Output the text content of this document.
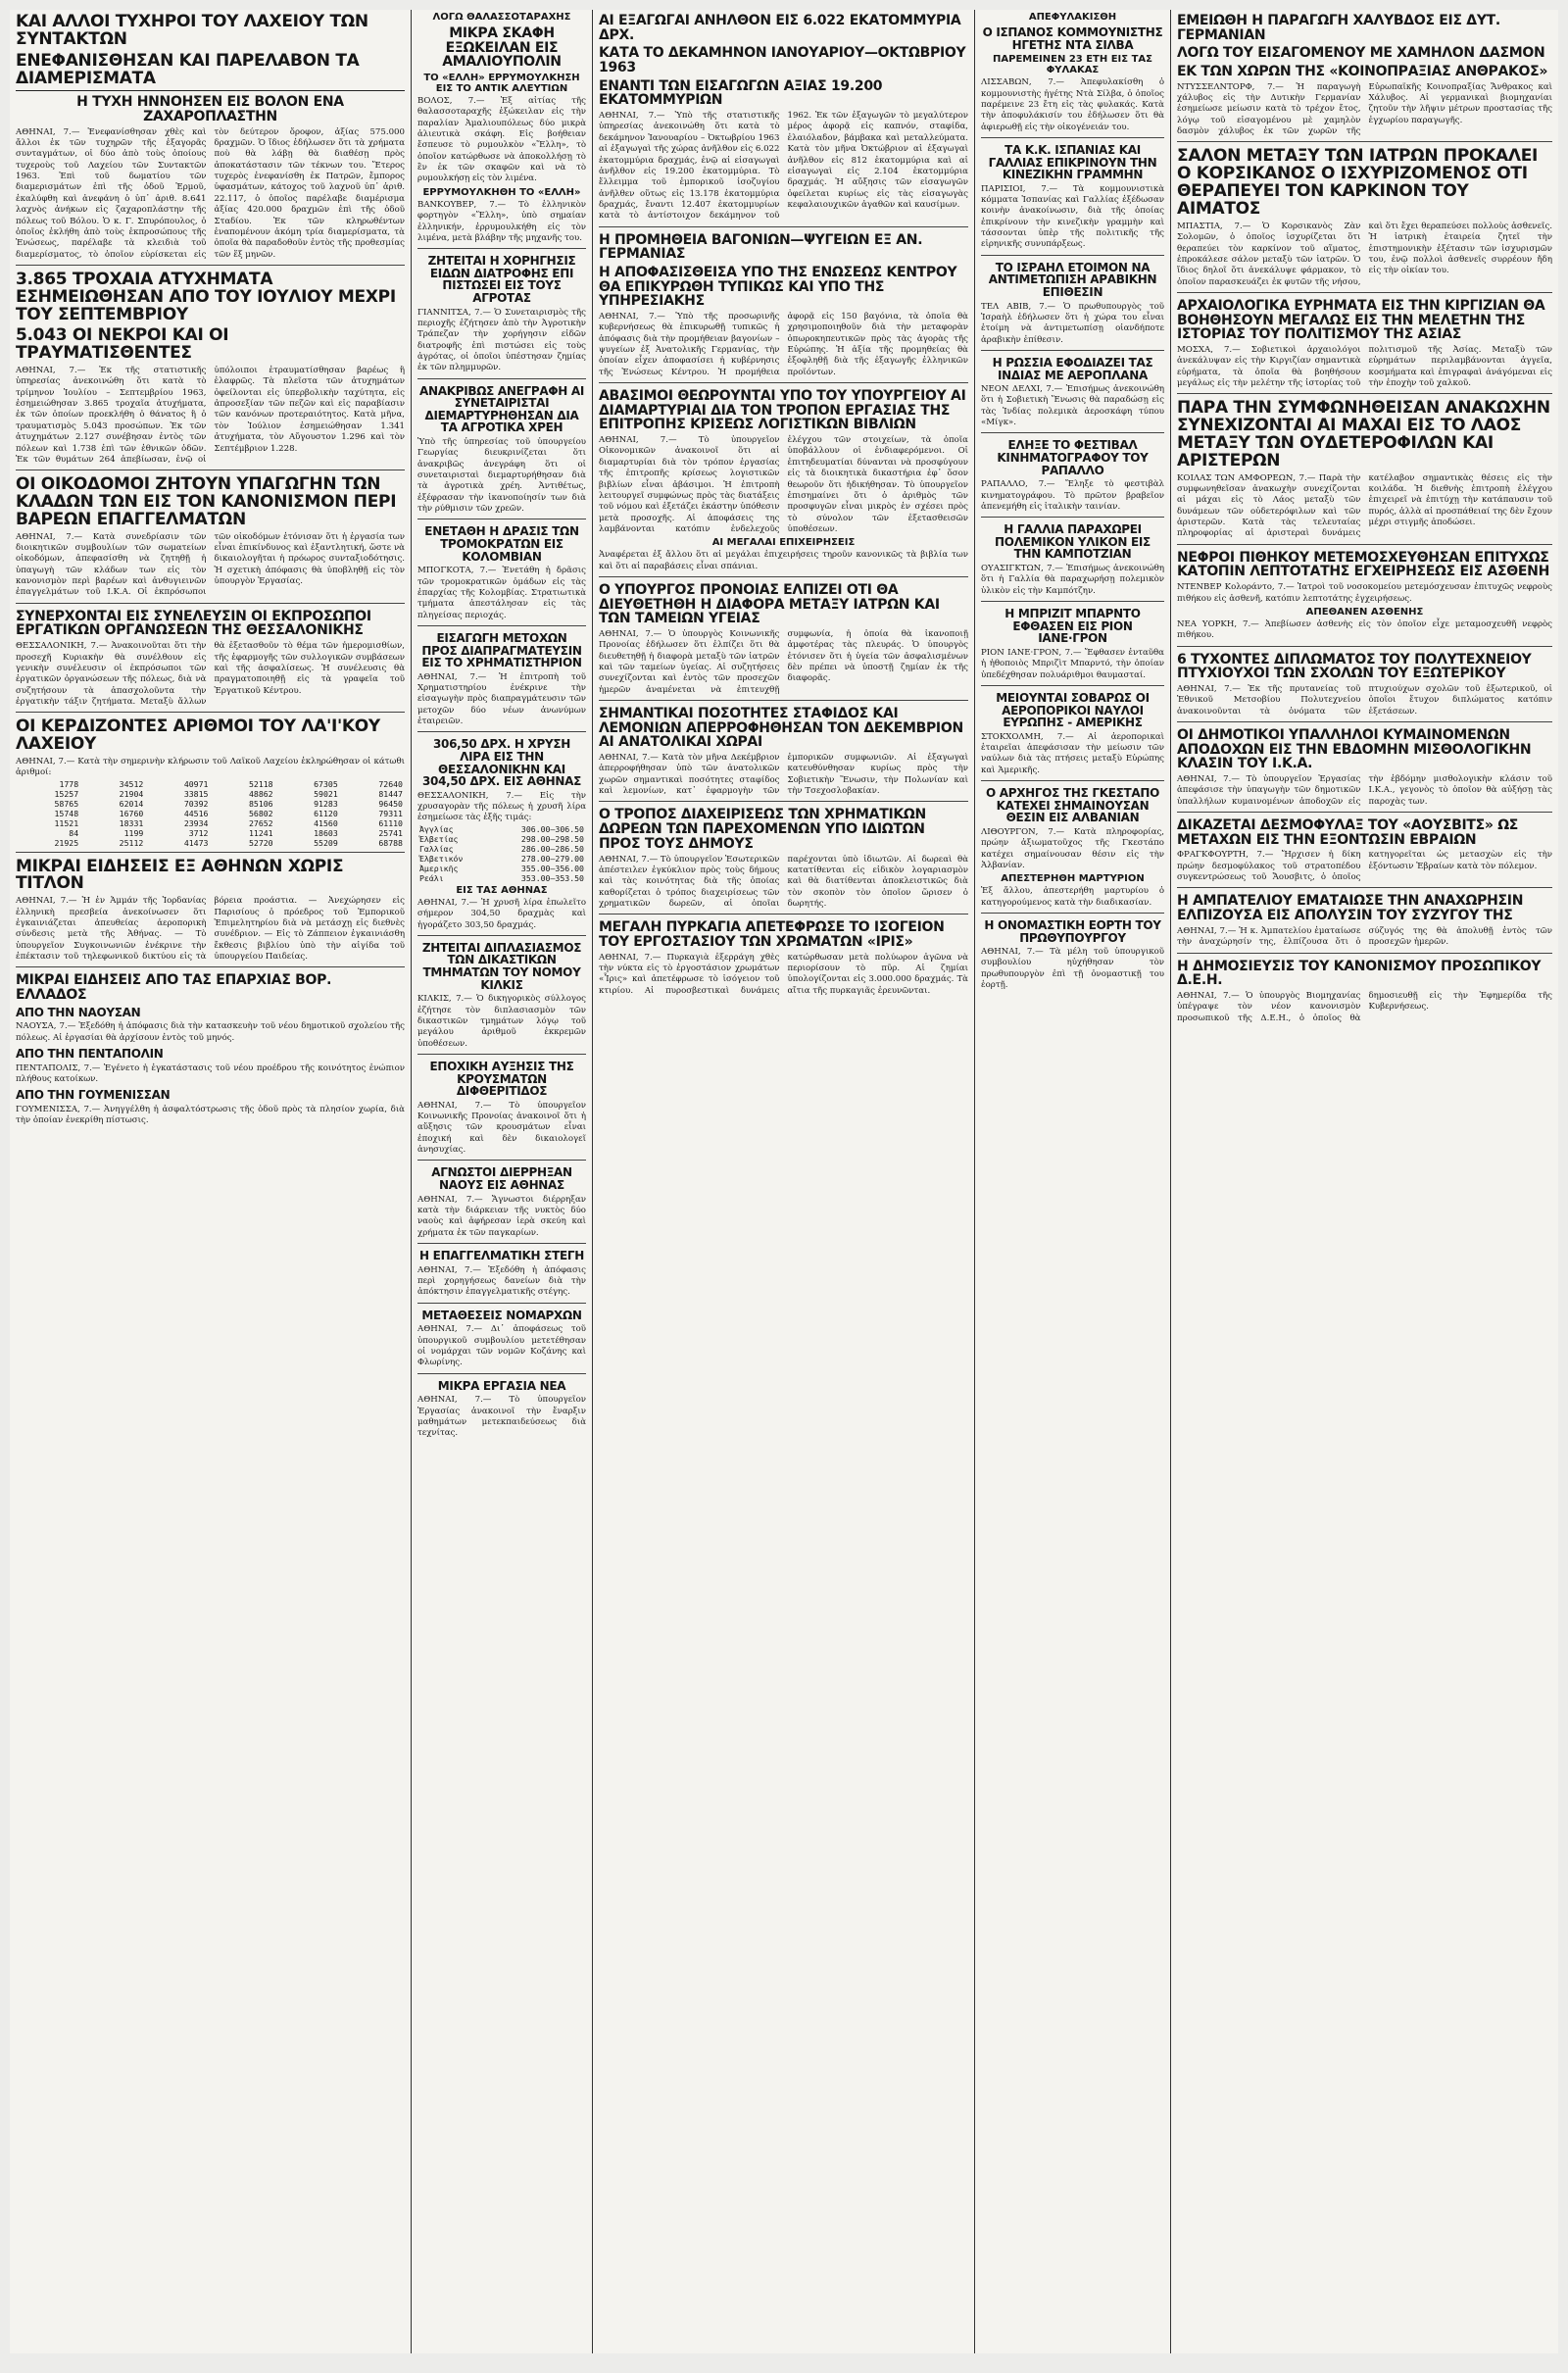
ΚΑΙ ΑΛΛΟΙ ΤΥΧΗΡΟΙ ΤΟΥ ΛΑΧΕΙΟΥ ΤΩΝ ΣΥΝΤΑΚΤΩΝ
ΕΝΕΦΑΝΙΣΘΗΣΑΝ ΚΑΙ ΠΑΡΕΛΑΒΟΝ ΤΑ ΔΙΑΜΕΡΙΣΜΑΤΑ
Η ΤΥΧΗ ΗΝΝΟΗΣΕΝ ΕΙΣ ΒΟΛΟΝ ΕΝΑ ΖΑΧΑΡΟΠΛΑΣΤΗΝ

ΑΘΗΝΑΙ, 7.— Ἐνεφανίσθησαν χθὲς καὶ ἄλλοι ἐκ τῶν τυχηρῶν τῆς ἐξαγορᾶς συνταγμάτων, οἱ δύο ἀπὸ τοὺς ὁποίους τυχεροὺς τοῦ Λαχείου τῶν Συντακτῶν 1963. Ἐπὶ τοῦ δωματίου τῶν διαμερισμάτων ἐπὶ τῆς ὁδοῦ Ἐρμοῦ, ἐκαλύφθη καὶ ἀνεφάνη ὁ ὑπ᾽ ἀριθ. 8.641 λαχνὸς ἀνήκων εἰς ζαχαροπλάστην τῆς πόλεως τοῦ Βόλου. Ὁ κ. Γ. Σπυρόπουλος, ὁ ὁποῖος ἐκλήθη ἀπὸ τοὺς ἐκπροσώπους τῆς Ἐνώσεως, παρέλαβε τὰ κλειδιὰ τοῦ διαμερίσματος, τὸ ὁποῖον εὑρίσκεται εἰς τὸν δεύτερον ὄροφον, ἀξίας 575.000 δραχμῶν. Ὁ ἴδιος ἐδήλωσεν ὅτι τὰ χρήματα ποὺ θὰ λάβῃ θὰ διαθέσῃ πρὸς ἀποκατάστασιν τῶν τέκνων του. Ἕτερος τυχερὸς ἐνεφανίσθη ἐκ Πατρῶν, ἔμπορος ὑφασμάτων, κάτοχος τοῦ λαχνοῦ ὑπ᾽ ἀριθ. 22.117, ὁ ὁποῖος παρέλαβε διαμέρισμα ἀξίας 420.000 δραχμῶν ἐπὶ τῆς ὁδοῦ Σταδίου. Ἐκ τῶν κληρωθέντων ἐναπομένουν ἀκόμη τρία διαμερίσματα, τὰ ὁποῖα θὰ παραδοθοῦν ἐντὸς τῆς προθεσμίας τῶν ἕξ μηνῶν.

3.865 ΤΡΟΧΑΙΑ ΑΤΥΧΗΜΑΤΑ ΕΣΗΜΕΙΩΘΗΣΑΝ ΑΠΟ ΤΟΥ ΙΟΥΛΙΟΥ ΜΕΧΡΙ ΤΟΥ ΣΕΠΤΕΜΒΡΙΟΥ
5.043 ΟΙ ΝΕΚΡΟΙ ΚΑΙ ΟΙ ΤΡΑΥΜΑΤΙΣΘΕΝΤΕΣ

ΑΘΗΝΑΙ, 7.— Ἐκ τῆς στατιστικῆς ὑπηρεσίας ἀνεκοινώθη ὅτι κατὰ τὸ τρίμηνον Ἰουλίου – Σεπτεμβρίου 1963, ἐσημειώθησαν 3.865 τροχαῖα ἀτυχήματα, ἐκ τῶν ὁποίων προεκλήθη ὁ θάνατος ἢ ὁ τραυματισμὸς 5.043 προσώπων. Ἐκ τῶν ἀτυχημάτων 2.127 συνέβησαν ἐντὸς τῶν πόλεων καὶ 1.738 ἐπὶ τῶν ἐθνικῶν ὁδῶν. Ἐκ τῶν θυμάτων 264 ἀπεβίωσαν, ἐνῷ οἱ ὑπόλοιποι ἐτραυματίσθησαν βαρέως ἢ ἐλαφρῶς. Τὰ πλεῖστα τῶν ἀτυχημάτων ὀφείλονται εἰς ὑπερβολικὴν ταχύτητα, εἰς ἀπροσεξίαν τῶν πεζῶν καὶ εἰς παραβίασιν τῶν κανόνων προτεραιότητος. Κατὰ μῆνα, τὸν Ἰούλιον ἐσημειώθησαν 1.341 ἀτυχήματα, τὸν Αὔγουστον 1.296 καὶ τὸν Σεπτέμβριον 1.228.

ΟΙ ΟΙΚΟΔΟΜΟΙ ΖΗΤΟΥΝ ΥΠΑΓΩΓΗΝ ΤΩΝ ΚΛΑΔΩΝ ΤΩΝ ΕΙΣ ΤΟΝ ΚΑΝΟΝΙΣΜΟΝ ΠΕΡΙ ΒΑΡΕΩΝ ΕΠΑΓΓΕΛΜΑΤΩΝ

ΑΘΗΝΑΙ, 7.— Κατὰ συνεδρίασιν τῶν διοικητικῶν συμβουλίων τῶν σωματείων οἰκοδόμων, ἀπεφασίσθη νὰ ζητηθῇ ἡ ὑπαγωγὴ τῶν κλάδων των εἰς τὸν κανονισμὸν περὶ βαρέων καὶ ἀνθυγιεινῶν ἐπαγγελμάτων τοῦ Ι.Κ.Α. Οἱ ἐκπρόσωποι τῶν οἰκοδόμων ἐτόνισαν ὅτι ἡ ἐργασία των εἶναι ἐπικίνδυνος καὶ ἐξαντλητική, ὥστε νὰ δικαιολογῆται ἡ πρόωρος συνταξιοδότησις. Ἡ σχετικὴ ἀπόφασις θὰ ὑποβληθῇ εἰς τὸν ὑπουργὸν Ἐργασίας.

ΣΥΝΕΡΧΟΝΤΑΙ ΕΙΣ ΣΥΝΕΛΕΥΣΙΝ ΟΙ ΕΚΠΡΟΣΩΠΟΙ ΕΡΓΑΤΙΚΩΝ ΟΡΓΑΝΩΣΕΩΝ ΤΗΣ ΘΕΣΣΑΛΟΝΙΚΗΣ

ΘΕΣΣΑΛΟΝΙΚΗ, 7.— Ἀνακοινοῦται ὅτι τὴν προσεχῆ Κυριακὴν θὰ συνέλθουν εἰς γενικὴν συνέλευσιν οἱ ἐκπρόσωποι τῶν ἐργατικῶν ὀργανώσεων τῆς πόλεως, διὰ νὰ συζητήσουν τὰ ἀπασχολοῦντα τὴν ἐργατικὴν τάξιν ζητήματα. Μεταξὺ ἄλλων θὰ ἐξετασθοῦν τὸ θέμα τῶν ἡμερομισθίων, τῆς ἐφαρμογῆς τῶν συλλογικῶν συμβάσεων καὶ τῆς ἀσφαλίσεως. Ἡ συνέλευσις θὰ πραγματοποιηθῇ εἰς τὰ γραφεῖα τοῦ Ἐργατικοῦ Κέντρου.

ΟΙ ΚΕΡΔΙΖΟΝΤΕΣ ΑΡΙΘΜΟΙ ΤΟΥ ΛΑ'Ι'ΚΟΥ ΛΑΧΕΙΟΥ

ΑΘΗΝΑΙ, 7.— Κατὰ τὴν σημερινὴν κλήρωσιν τοῦ Λαϊκοῦ Λαχείου ἐκληρώθησαν οἱ κάτωθι ἀριθμοί:

1778	34512	40971	52118	67305	72640
15257	21904	33815	48862	59021	81447
58765	62014	70392	85106	91283	96450
15748	16760	44516	56802	61120	79311
11521	18331	23934	27652	41560	61110
84	1199	3712	11241	18603	25741
21925	25112	41473	52720	55209	68788
ΜΙΚΡΑΙ ΕΙΔΗΣΕΙΣ ΕΞ ΑΘΗΝΩΝ ΧΩΡΙΣ ΤΙΤΛΟΝ

ΑΘΗΝΑΙ, 7.— Ἡ ἐν Ἀμμάν τῆς Ἰορδανίας ἑλληνικὴ πρεσβεία ἀνεκοίνωσεν ὅτι ἐγκαινιάζεται ἀπευθείας ἀεροπορικὴ σύνδεσις μετὰ τῆς Ἀθήνας. — Τὸ ὑπουργεῖον Συγκοινωνιῶν ἐνέκρινε τὴν ἐπέκτασιν τοῦ τηλεφωνικοῦ δικτύου εἰς τὰ βόρεια προάστια. — Ἀνεχώρησεν εἰς Παρισίους ὁ πρόεδρος τοῦ Ἐμπορικοῦ Ἐπιμελητηρίου διὰ νὰ μετάσχῃ εἰς διεθνὲς συνέδριον. — Εἰς τὸ Ζάππειον ἐγκαινιάσθη ἔκθεσις βιβλίου ὑπὸ τὴν αἰγίδα τοῦ ὑπουργείου Παιδείας.

ΜΙΚΡΑΙ ΕΙΔΗΣΕΙΣ ΑΠΟ ΤΑΣ ΕΠΑΡΧΙΑΣ ΒΟΡ. ΕΛΛΑΔΟΣ
ΑΠΟ ΤΗΝ ΝΑΟΥΣΑΝ

ΝΑΟΥΣΑ, 7.— Ἐξεδόθη ἡ ἀπόφασις διὰ τὴν κατασκευὴν τοῦ νέου δημοτικοῦ σχολείου τῆς πόλεως. Αἱ ἐργασίαι θὰ ἀρχίσουν ἐντὸς τοῦ μηνός.

ΑΠΟ ΤΗΝ ΠΕΝΤΑΠΟΛΙΝ

ΠΕΝΤΑΠΟΛΙΣ, 7.— Ἐγένετο ἡ ἐγκατάστασις τοῦ νέου προέδρου τῆς κοινότητος ἐνώπιον πλήθους κατοίκων.

ΑΠΟ ΤΗΝ ΓΟΥΜΕΝΙΣΣΑΝ

ΓΟΥΜΕΝΙΣΣΑ, 7.— Ἀνηγγέλθη ἡ ἀσφαλτόστρωσις τῆς ὁδοῦ πρὸς τὰ πλησίον χωρία, διὰ τὴν ὁποίαν ἐνεκρίθη πίστωσις.

ΛΟΓΩ ΘΑΛΑΣΣΟΤΑΡΑΧΗΣ
ΜΙΚΡΑ ΣΚΑΦΗ ΕΞΩΚΕΙΛΑΝ ΕΙΣ ΑΜΑΛΙΟΥΠΟΛΙΝ
ΤΟ «ΕΛΛΗ» ΕΡΡΥΜΟΥΛΚΗΣΗ ΕΙΣ ΤΟ ΑΝΤΙΚ ΑΛΕΥΤΙΩΝ

ΒΟΛΟΣ, 7.— Ἐξ αἰτίας τῆς θαλασσοταραχῆς ἐξώκειλαν εἰς τὴν παραλίαν Ἀμαλιουπόλεως δύο μικρὰ ἁλιευτικὰ σκάφη. Εἰς βοήθειαν ἔσπευσε τὸ ρυμουλκὸν «Ἕλλη», τὸ ὁποῖον κατώρθωσε νὰ ἀποκολλήσῃ τὸ ἓν ἐκ τῶν σκαφῶν καὶ νὰ τὸ ρυμουλκήσῃ εἰς τὸν λιμένα.

ΕΡΡΥΜΟΥΛΚΗΘΗ ΤΟ «ΕΛΛΗ»

ΒΑΝΚΟΥΒΕΡ, 7.— Τὸ ἑλληνικὸν φορτηγὸν «Ἕλλη», ὑπὸ σημαίαν ἑλληνικήν, ἐρρυμουλκήθη εἰς τὸν λιμένα, μετὰ βλάβην τῆς μηχανῆς του.

ΖΗΤΕΙΤΑΙ Η ΧΟΡΗΓΗΣΙΣ ΕΙΔΩΝ ΔΙΑΤΡΟΦΗΣ ΕΠΙ ΠΙΣΤΩΣΕΙ ΕΙΣ ΤΟΥΣ ΑΓΡΟΤΑΣ

ΓΙΑΝΝΙΤΣΑ, 7.— Ὁ Συνεταιρισμὸς τῆς περιοχῆς ἐζήτησεν ἀπὸ τὴν Ἀγροτικὴν Τράπεζαν τὴν χορήγησιν εἰδῶν διατροφῆς ἐπὶ πιστώσει εἰς τοὺς ἀγρότας, οἱ ὁποῖοι ὑπέστησαν ζημίας ἐκ τῶν πλημμυρῶν.

ΑΝΑΚΡΙΒΩΣ ΑΝΕΓΡΑΦΗ ΑΙ ΣΥΝΕΤΑΙΡΙΣΤΑΙ ΔΙΕΜΑΡΤΥΡΗΘΗΣΑΝ ΔΙΑ ΤΑ ΑΓΡΟΤΙΚΑ ΧΡΕΗ

Ὑπὸ τῆς ὑπηρεσίας τοῦ ὑπουργείου Γεωργίας διευκρινίζεται ὅτι ἀνακριβῶς ἀνεγράφη ὅτι οἱ συνεταιρισταὶ διεμαρτυρήθησαν διὰ τὰ ἀγροτικὰ χρέη. Ἀντιθέτως, ἐξέφρασαν τὴν ἱκανοποίησίν των διὰ τὴν ρύθμισιν τῶν χρεῶν.

ΕΝΕΤΑΘΗ Η ΔΡΑΣΙΣ ΤΩΝ ΤΡΟΜΟΚΡΑΤΩΝ ΕΙΣ ΚΟΛΟΜΒΙΑΝ

ΜΠΟΓΚΟΤΑ, 7.— Ἐνετάθη ἡ δρᾶσις τῶν τρομοκρατικῶν ὁμάδων εἰς τὰς ἐπαρχίας τῆς Κολομβίας. Στρατιωτικὰ τμήματα ἀπεστάλησαν εἰς τὰς πληγείσας περιοχάς.

ΕΙΣΑΓΩΓΗ ΜΕΤΟΧΩΝ ΠΡΟΣ ΔΙΑΠΡΑΓΜΑΤΕΥΣΙΝ ΕΙΣ ΤΟ ΧΡΗΜΑΤΙΣΤΗΡΙΟΝ

ΑΘΗΝΑΙ, 7.— Ἡ ἐπιτροπὴ τοῦ Χρηματιστηρίου ἐνέκρινε τὴν εἰσαγωγὴν πρὸς διαπραγμάτευσιν τῶν μετοχῶν δύο νέων ἀνωνύμων ἑταιρειῶν.

306,50 ΔΡΧ. Η ΧΡΥΣΗ ΛΙΡΑ ΕΙΣ ΤΗΝ ΘΕΣΣΑΛΟΝΙΚΗΝ ΚΑΙ 304,50 ΔΡΧ. ΕΙΣ ΑΘΗΝΑΣ

ΘΕΣΣΑΛΟΝΙΚΗ, 7.— Εἰς τὴν χρυσαγορὰν τῆς πόλεως ἡ χρυσῆ λίρα ἐσημείωσε τὰς ἑξῆς τιμάς:

Ἀγγλίας	306.00—306.50
Ἑλβετίας	298.00—298.50
Γαλλίας	286.00—286.50
Ἑλβετικόν	278.00—279.00
Ἀμερικῆς	355.00—356.00
Ρεάλι	353.00—353.50
ΕΙΣ ΤΑΣ ΑΘΗΝΑΣ

ΑΘΗΝΑΙ, 7.— Ἡ χρυσῆ λίρα ἐπωλεῖτο σήμερον 304,50 δραχμὰς καὶ ἠγοράζετο 303,50 δραχμάς.

ΖΗΤΕΙΤΑΙ ΔΙΠΛΑΣΙΑΣΜΟΣ ΤΩΝ ΔΙΚΑΣΤΙΚΩΝ ΤΜΗΜΑΤΩΝ ΤΟΥ ΝΟΜΟΥ ΚΙΛΚΙΣ

ΚΙΛΚΙΣ, 7.— Ὁ δικηγορικὸς σύλλογος ἐζήτησε τὸν διπλασιασμὸν τῶν δικαστικῶν τμημάτων λόγῳ τοῦ μεγάλου ἀριθμοῦ ἐκκρεμῶν ὑποθέσεων.

ΕΠΟΧΙΚΗ ΑΥΞΗΣΙΣ ΤΗΣ ΚΡΟΥΣΜΑΤΩΝ ΔΙΦΘΕΡΙΤΙΔΟΣ

ΑΘΗΝΑΙ, 7.— Τὸ ὑπουργεῖον Κοινωνικῆς Προνοίας ἀνακοινοῖ ὅτι ἡ αὔξησις τῶν κρουσμάτων εἶναι ἐποχική καὶ δὲν δικαιολογεῖ ἀνησυχίας.

ΑΓΝΩΣΤΟΙ ΔΙΕΡΡΗΞΑΝ ΝΑΟΥΣ ΕΙΣ ΑΘΗΝΑΣ

ΑΘΗΝΑΙ, 7.— Ἄγνωστοι διέρρηξαν κατὰ τὴν διάρκειαν τῆς νυκτὸς δύο ναοὺς καὶ ἀφήρεσαν ἱερὰ σκεύη καὶ χρήματα ἐκ τῶν παγκαρίων.

Η ΕΠΑΓΓΕΛΜΑΤΙΚΗ ΣΤΕΓΗ

ΑΘΗΝΑΙ, 7.— Ἐξεδόθη ἡ ἀπόφασις περὶ χορηγήσεως δανείων διὰ τὴν ἀπόκτησιν ἐπαγγελματικῆς στέγης.

ΜΕΤΑΘΕΣΕΙΣ ΝΟΜΑΡΧΩΝ

ΑΘΗΝΑΙ, 7.— Δι᾽ ἀποφάσεως τοῦ ὑπουργικοῦ συμβουλίου μετετέθησαν οἱ νομάρχαι τῶν νομῶν Κοζάνης καὶ Φλωρίνης.

ΜΙΚΡΑ ΕΡΓΑΣΙΑ ΝΕΑ

ΑΘΗΝΑΙ, 7.— Τὸ ὑπουργεῖον Ἐργασίας ἀνακοινοῖ τὴν ἔναρξιν μαθημάτων μετεκπαιδεύσεως διὰ τεχνίτας.

ΑΙ ΕΞΑΓΩΓΑΙ ΑΝΗΛΘΟΝ ΕΙΣ 6.022 ΕΚΑΤΟΜΜΥΡΙΑ ΔΡΧ.
ΚΑΤΑ ΤΟ ΔΕΚΑΜΗΝΟΝ ΙΑΝΟΥΑΡΙΟΥ—ΟΚΤΩΒΡΙΟΥ 1963
ΕΝΑΝΤΙ ΤΩΝ ΕΙΣΑΓΩΓΩΝ ΑΞΙΑΣ 19.200 ΕΚΑΤΟΜΜΥΡΙΩΝ

ΑΘΗΝΑΙ, 7.— Ὑπὸ τῆς στατιστικῆς ὑπηρεσίας ἀνεκοινώθη ὅτι κατὰ τὸ δεκάμηνον Ἰανουαρίου – Ὀκτωβρίου 1963 αἱ ἐξαγωγαὶ τῆς χώρας ἀνῆλθον εἰς 6.022 ἑκατομμύρια δραχμάς, ἐνῷ αἱ εἰσαγωγαὶ ἀνῆλθον εἰς 19.200 ἑκατομμύρια. Τὸ ἔλλειμμα τοῦ ἐμπορικοῦ ἰσοζυγίου ἀνῆλθεν οὕτως εἰς 13.178 ἑκατομμύρια δραχμάς, ἔναντι 12.407 ἑκατομμυρίων κατὰ τὸ ἀντίστοιχον δεκάμηνον τοῦ 1962. Ἐκ τῶν ἐξαγωγῶν τὸ μεγαλύτερον μέρος ἀφορᾷ εἰς καπνόν, σταφίδα, ἐλαιόλαδον, βάμβακα καὶ μεταλλεύματα. Κατὰ τὸν μῆνα Ὀκτώβριον αἱ ἐξαγωγαὶ ἀνῆλθον εἰς 812 ἑκατομμύρια καὶ αἱ εἰσαγωγαὶ εἰς 2.104 ἑκατομμύρια δραχμάς. Ἡ αὔξησις τῶν εἰσαγωγῶν ὀφείλεται κυρίως εἰς τὰς εἰσαγωγὰς κεφαλαιουχικῶν ἀγαθῶν καὶ καυσίμων.

Η ΠΡΟΜΗΘΕΙΑ ΒΑΓΟΝΙΩΝ—ΨΥΓΕΙΩΝ ΕΞ ΑΝ. ΓΕΡΜΑΝΙΑΣ
Η ΑΠΟΦΑΣΙΣΘΕΙΣΑ ΥΠΟ ΤΗΣ ΕΝΩΣΕΩΣ ΚΕΝΤΡΟΥ ΘΑ ΕΠΙΚΥΡΩΘΗ ΤΥΠΙΚΩΣ ΚΑΙ ΥΠΟ ΤΗΣ ΥΠΗΡΕΣΙΑΚΗΣ

ΑΘΗΝΑΙ, 7.— Ὑπὸ τῆς προσωρινῆς κυβερνήσεως θὰ ἐπικυρωθῇ τυπικῶς ἡ ἀπόφασις διὰ τὴν προμήθειαν βαγονίων – ψυγείων ἐξ Ἀνατολικῆς Γερμανίας, τὴν ὁποίαν εἶχεν ἀποφασίσει ἡ κυβέρνησις τῆς Ἑνώσεως Κέντρου. Ἡ προμήθεια ἀφορᾷ εἰς 150 βαγόνια, τὰ ὁποῖα θὰ χρησιμοποιηθοῦν διὰ τὴν μεταφορὰν ὀπωροκηπευτικῶν πρὸς τὰς ἀγορὰς τῆς Εὐρώπης. Ἡ ἀξία τῆς προμηθείας θὰ ἐξοφληθῇ διὰ τῆς ἐξαγωγῆς ἑλληνικῶν προϊόντων.

ΑΒΑΣΙΜΟΙ ΘΕΩΡΟΥΝΤΑΙ ΥΠΟ ΤΟΥ ΥΠΟΥΡΓΕΙΟΥ ΑΙ ΔΙΑΜΑΡΤΥΡΙΑΙ ΔΙΑ ΤΟΝ ΤΡΟΠΟΝ ΕΡΓΑΣΙΑΣ ΤΗΣ ΕΠΙΤΡΟΠΗΣ ΚΡΙΣΕΩΣ ΛΟΓΙΣΤΙΚΩΝ ΒΙΒΛΙΩΝ

ΑΘΗΝΑΙ, 7.— Τὸ ὑπουργεῖον Οἰκονομικῶν ἀνακοινοῖ ὅτι αἱ διαμαρτυρίαι διὰ τὸν τρόπον ἐργασίας τῆς ἐπιτροπῆς κρίσεως λογιστικῶν βιβλίων εἶναι ἀβάσιμοι. Ἡ ἐπιτροπὴ λειτουργεῖ συμφώνως πρὸς τὰς διατάξεις τοῦ νόμου καὶ ἐξετάζει ἑκάστην ὑπόθεσιν μετὰ προσοχῆς. Αἱ ἀποφάσεις της λαμβάνονται κατόπιν ἐνδελεχοῦς ἐλέγχου τῶν στοιχείων, τὰ ὁποῖα ὑποβάλλουν οἱ ἐνδιαφερόμενοι. Οἱ ἐπιτηδευματίαι δύνανται νὰ προσφύγουν εἰς τὰ διοικητικὰ δικαστήρια ἐφ᾽ ὅσον θεωροῦν ὅτι ἠδικήθησαν. Τὸ ὑπουργεῖον ἐπισημαίνει ὅτι ὁ ἀριθμὸς τῶν προσφυγῶν εἶναι μικρὸς ἐν σχέσει πρὸς τὸ σύνολον τῶν ἐξετασθεισῶν ὑποθέσεων.

ΑΙ ΜΕΓΑΛΑΙ ΕΠΙΧΕΙΡΗΣΕΙΣ

Ἀναφέρεται ἐξ ἄλλου ὅτι αἱ μεγάλαι ἐπιχειρήσεις τηροῦν κανονικῶς τὰ βιβλία των καὶ ὅτι αἱ παραβάσεις εἶναι σπάνιαι.

Ο ΥΠΟΥΡΓΟΣ ΠΡΟΝΟΙΑΣ ΕΛΠΙΖΕΙ ΟΤΙ ΘΑ ΔΙΕΥΘΕΤΗΘΗ Η ΔΙΑΦΟΡΑ ΜΕΤΑΞΥ ΙΑΤΡΩΝ ΚΑΙ ΤΩΝ ΤΑΜΕΙΩΝ ΥΓΕΙΑΣ

ΑΘΗΝΑΙ, 7.— Ὁ ὑπουργὸς Κοινωνικῆς Προνοίας ἐδήλωσεν ὅτι ἐλπίζει ὅτι θὰ διευθετηθῇ ἡ διαφορὰ μεταξὺ τῶν ἰατρῶν καὶ τῶν ταμείων ὑγείας. Αἱ συζητήσεις συνεχίζονται καὶ ἐντὸς τῶν προσεχῶν ἡμερῶν ἀναμένεται νὰ ἐπιτευχθῇ συμφωνία, ἡ ὁποία θὰ ἱκανοποιῇ ἀμφοτέρας τὰς πλευράς. Ὁ ὑπουργὸς ἐτόνισεν ὅτι ἡ ὑγεία τῶν ἀσφαλισμένων δὲν πρέπει νὰ ὑποστῇ ζημίαν ἐκ τῆς διαφορᾶς.

ΣΗΜΑΝΤΙΚΑΙ ΠΟΣΟΤΗΤΕΣ ΣΤΑΦΙΔΟΣ ΚΑΙ ΛΕΜΟΝΙΩΝ ΑΠΕΡΡΟΦΗΘΗΣΑΝ ΤΟΝ ΔΕΚΕΜΒΡΙΟΝ ΑΙ ΑΝΑΤΟΛΙΚΑΙ ΧΩΡΑΙ

ΑΘΗΝΑΙ, 7.— Κατὰ τὸν μῆνα Δεκέμβριον ἀπερροφήθησαν ὑπὸ τῶν ἀνατολικῶν χωρῶν σημαντικαὶ ποσότητες σταφίδος καὶ λεμονίων, κατ᾽ ἐφαρμογὴν τῶν ἐμπορικῶν συμφωνιῶν. Αἱ ἐξαγωγαὶ κατευθύνθησαν κυρίως πρὸς τὴν Σοβιετικὴν Ἕνωσιν, τὴν Πολωνίαν καὶ τὴν Τσεχοσλοβακίαν.

Ο ΤΡΟΠΟΣ ΔΙΑΧΕΙΡΙΣΕΩΣ ΤΩΝ ΧΡΗΜΑΤΙΚΩΝ ΔΩΡΕΩΝ ΤΩΝ ΠΑΡΕΧΟΜΕΝΩΝ ΥΠΟ ΙΔΙΩΤΩΝ ΠΡΟΣ ΤΟΥΣ ΔΗΜΟΥΣ

ΑΘΗΝΑΙ, 7.— Τὸ ὑπουργεῖον Ἐσωτερικῶν ἀπέστειλεν ἐγκύκλιον πρὸς τοὺς δήμους καὶ τὰς κοινότητας διὰ τῆς ὁποίας καθορίζεται ὁ τρόπος διαχειρίσεως τῶν χρηματικῶν δωρεῶν, αἱ ὁποῖαι παρέχονται ὑπὸ ἰδιωτῶν. Αἱ δωρεαὶ θὰ κατατίθενται εἰς εἰδικὸν λογαριασμὸν καὶ θὰ διατίθενται ἀποκλειστικῶς διὰ τὸν σκοπὸν τὸν ὁποῖον ὥρισεν ὁ δωρητής.

ΜΕΓΑΛΗ ΠΥΡΚΑΓΙΑ ΑΠΕΤΕΦΡΩΣΕ ΤΟ ΙΣΟΓΕΙΟΝ ΤΟΥ ΕΡΓΟΣΤΑΣΙΟΥ ΤΩΝ ΧΡΩΜΑΤΩΝ «ΙΡΙΣ»

ΑΘΗΝΑΙ, 7.— Πυρκαγιὰ ἐξερράγη χθὲς τὴν νύκτα εἰς τὸ ἐργοστάσιον χρωμάτων «Ἶρις» καὶ ἀπετέφρωσε τὸ ἰσόγειον τοῦ κτιρίου. Αἱ πυροσβεστικαὶ δυνάμεις κατώρθωσαν μετὰ πολύωρον ἀγῶνα νὰ περιορίσουν τὸ πῦρ. Αἱ ζημίαι ὑπολογίζονται εἰς 3.000.000 δραχμάς. Τὰ αἴτια τῆς πυρκαγιᾶς ἐρευνῶνται.

ΑΠΕΦΥΛΑΚΙΣΘΗ
Ο ΙΣΠΑΝΟΣ ΚΟΜΜΟΥΝΙΣΤΗΣ ΗΓΕΤΗΣ ΝΤΑ ΣΙΛΒΑ
ΠΑΡΕΜΕΙΝΕΝ 23 ΕΤΗ ΕΙΣ ΤΑΣ ΦΥΛΑΚΑΣ

ΛΙΣΣΑΒΩΝ, 7.— Ἀπεφυλακίσθη ὁ κομμουνιστὴς ἡγέτης Ντὰ Σίλβα, ὁ ὁποῖος παρέμεινε 23 ἔτη εἰς τὰς φυλακάς. Κατὰ τὴν ἀποφυλάκισίν του ἐδήλωσεν ὅτι θὰ ἀφιερωθῇ εἰς τὴν οἰκογένειάν του.

ΤΑ Κ.Κ. ΙΣΠΑΝΙΑΣ ΚΑΙ ΓΑΛΛΙΑΣ ΕΠΙΚΡΙΝΟΥΝ ΤΗΝ ΚΙΝΕΖΙΚΗΝ ΓΡΑΜΜΗΝ

ΠΑΡΙΣΙΟΙ, 7.— Τὰ κομμουνιστικὰ κόμματα Ἰσπανίας καὶ Γαλλίας ἐξέδωσαν κοινὴν ἀνακοίνωσιν, διὰ τῆς ὁποίας ἐπικρίνουν τὴν κινεζικὴν γραμμὴν καὶ τάσσονται ὑπὲρ τῆς πολιτικῆς τῆς εἰρηνικῆς συνυπάρξεως.

ΤΟ ΙΣΡΑΗΛ ΕΤΟΙΜΟΝ ΝΑ ΑΝΤΙΜΕΤΩΠΙΣΗ ΑΡΑΒΙΚΗΝ ΕΠΙΘΕΣΙΝ

ΤΕΛ ΑΒΙΒ, 7.— Ὁ πρωθυπουργὸς τοῦ Ἰσραὴλ ἐδήλωσεν ὅτι ἡ χώρα του εἶναι ἑτοίμη νὰ ἀντιμετωπίσῃ οἱανδήποτε ἀραβικὴν ἐπίθεσιν.

Η ΡΩΣΣΙΑ ΕΦΟΔΙΑΖΕΙ ΤΑΣ ΙΝΔΙΑΣ ΜΕ ΑΕΡΟΠΛΑΝΑ

ΝΕΟΝ ΔΕΛΧΙ, 7.— Ἐπισήμως ἀνεκοινώθη ὅτι ἡ Σοβιετικὴ Ἕνωσις θὰ παραδώσῃ εἰς τὰς Ἰνδίας πολεμικὰ ἀεροσκάφη τύπου «Μίγκ».

ΕΛΗΞΕ ΤΟ ΦΕΣΤΙΒΑΛ ΚΙΝΗΜΑΤΟΓΡΑΦΟΥ ΤΟΥ ΡΑΠΑΛΛΟ

ΡΑΠΑΛΛΟ, 7.— Ἔληξε τὸ φεστιβὰλ κινηματογράφου. Τὸ πρῶτον βραβεῖον ἀπενεμήθη εἰς ἰταλικὴν ταινίαν.

Η ΓΑΛΛΙΑ ΠΑΡΑΧΩΡΕΙ ΠΟΛΕΜΙΚΟΝ ΥΛΙΚΟΝ ΕΙΣ ΤΗΝ ΚΑΜΠΟΤΖΙΑΝ

ΟΥΑΣΙΓΚΤΩΝ, 7.— Ἐπισήμως ἀνεκοινώθη ὅτι ἡ Γαλλία θὰ παραχωρήσῃ πολεμικὸν ὑλικὸν εἰς τὴν Καμπότζην.

Η ΜΠΡΙΖΙΤ ΜΠΑΡΝΤΟ ΕΦΘΑΣΕΝ ΕΙΣ ΡΙΟΝ ΙΑΝΕ·ΓΡΟΝ

ΡΙΟΝ ΙΑΝΕ·ΓΡΟΝ, 7.— Ἔφθασεν ἐνταῦθα ἡ ἠθοποιὸς Μπριζὶτ Μπαρντό, τὴν ὁποίαν ὑπεδέχθησαν πολυάριθμοι θαυμασταί.

ΜΕΙΟΥΝΤΑΙ ΣΟΒΑΡΩΣ ΟΙ ΑΕΡΟΠΟΡΙΚΟΙ ΝΑΥΛΟΙ ΕΥΡΩΠΗΣ - ΑΜΕΡΙΚΗΣ

ΣΤΟΚΧΟΛΜΗ, 7.— Αἱ ἀεροπορικαὶ ἑταιρεῖαι ἀπεφάσισαν τὴν μείωσιν τῶν ναύλων διὰ τὰς πτήσεις μεταξὺ Εὐρώπης καὶ Ἀμερικῆς.

Ο ΑΡΧΗΓΟΣ ΤΗΣ ΓΚΕΣΤΑΠΟ ΚΑΤΕΧΕΙ ΣΗΜΑΙΝΟΥΣΑΝ ΘΕΣΙΝ ΕΙΣ ΑΛΒΑΝΙΑΝ

ΛΙΘΟΥΡΓΟΝ, 7.— Κατὰ πληροφορίας, πρώην ἀξιωματοῦχος τῆς Γκεστάπο κατέχει σημαίνουσαν θέσιν εἰς τὴν Ἀλβανίαν.

ΑΠΕΣΤΕΡΗΘΗ ΜΑΡΤΥΡΙΟΝ

Ἐξ ἄλλου, ἀπεστερήθη μαρτυρίου ὁ κατηγορούμενος κατὰ τὴν διαδικασίαν.

Η ΟΝΟΜΑΣΤΙΚΗ ΕΟΡΤΗ ΤΟΥ ΠΡΩΘΥΠΟΥΡΓΟΥ

ΑΘΗΝΑΙ, 7.— Τὰ μέλη τοῦ ὑπουργικοῦ συμβουλίου ηὐχήθησαν τὸν πρωθυπουργὸν ἐπὶ τῇ ὀνομαστικῇ του ἑορτῇ.

ΕΜΕΙΩΘΗ Η ΠΑΡΑΓΩΓΗ ΧΑΛΥΒΔΟΣ ΕΙΣ ΔΥΤ. ΓΕΡΜΑΝΙΑΝ
ΛΟΓΩ ΤΟΥ ΕΙΣΑΓΟΜΕΝΟΥ ΜΕ ΧΑΜΗΛΟΝ ΔΑΣΜΟΝ
ΕΚ ΤΩΝ ΧΩΡΩΝ ΤΗΣ «ΚΟΙΝΟΠΡΑΞΙΑΣ ΑΝΘΡΑΚΟΣ»

ΝΤΥΣΣΕΛΝΤΟΡΦ, 7.— Ἡ παραγωγὴ χάλυβος εἰς τὴν Δυτικὴν Γερμανίαν ἐσημείωσε μείωσιν κατὰ τὸ τρέχον ἔτος, λόγῳ τοῦ εἰσαγομένου μὲ χαμηλὸν δασμὸν χάλυβος ἐκ τῶν χωρῶν τῆς Εὐρωπαϊκῆς Κοινοπραξίας Ἄνθρακος καὶ Χάλυβος. Αἱ γερμανικαὶ βιομηχανίαι ζητοῦν τὴν λῆψιν μέτρων προστασίας τῆς ἐγχωρίου παραγωγῆς.

ΣΑΛΟΝ ΜΕΤΑΞΥ ΤΩΝ ΙΑΤΡΩΝ ΠΡΟΚΑΛΕΙ Ο ΚΟΡΣΙΚΑΝΟΣ Ο ΙΣΧΥΡΙΖΟΜΕΝΟΣ ΟΤΙ ΘΕΡΑΠΕΥΕΙ ΤΟΝ ΚΑΡΚΙΝΟΝ ΤΟΥ ΑΙΜΑΤΟΣ

ΜΠΑΣΤΙΑ, 7.— Ὁ Κορσικανὸς Ζὰν Σολομῶν, ὁ ὁποῖος ἰσχυρίζεται ὅτι θεραπεύει τὸν καρκίνον τοῦ αἵματος, ἐπροκάλεσε σάλον μεταξὺ τῶν ἰατρῶν. Ὁ ἴδιος δηλοῖ ὅτι ἀνεκάλυψε φάρμακον, τὸ ὁποῖον παρασκευάζει ἐκ φυτῶν τῆς νήσου, καὶ ὅτι ἔχει θεραπεύσει πολλοὺς ἀσθενεῖς. Ἡ ἰατρικὴ ἑταιρεία ζητεῖ τὴν ἐπιστημονικὴν ἐξέτασιν τῶν ἰσχυρισμῶν του, ἐνῷ πολλοὶ ἀσθενεῖς συρρέουν ἤδη εἰς τὴν οἰκίαν του.

ΑΡΧΑΙΟΛΟΓΙΚΑ ΕΥΡΗΜΑΤΑ ΕΙΣ ΤΗΝ ΚΙΡΓΙΖΙΑΝ ΘΑ ΒΟΗΘΗΣΟΥΝ ΜΕΓΑΛΩΣ ΕΙΣ ΤΗΝ ΜΕΛΕΤΗΝ ΤΗΣ ΙΣΤΟΡΙΑΣ ΤΟΥ ΠΟΛΙΤΙΣΜΟΥ ΤΗΣ ΑΣΙΑΣ

ΜΟΣΧΑ, 7.— Σοβιετικοὶ ἀρχαιολόγοι ἀνεκάλυψαν εἰς τὴν Κιργιζίαν σημαντικὰ εὑρήματα, τὰ ὁποῖα θὰ βοηθήσουν μεγάλως εἰς τὴν μελέτην τῆς ἱστορίας τοῦ πολιτισμοῦ τῆς Ἀσίας. Μεταξὺ τῶν εὑρημάτων περιλαμβάνονται ἀγγεῖα, κοσμήματα καὶ ἐπιγραφαὶ ἀνάγόμεναι εἰς τὴν ἐποχὴν τοῦ χαλκοῦ.

ΠΑΡΑ ΤΗΝ ΣΥΜΦΩΝΗΘΕΙΣΑΝ ΑΝΑΚΩΧΗΝ ΣΥΝΕΧΙΖΟΝΤΑΙ ΑΙ ΜΑΧΑΙ ΕΙΣ ΤΟ ΛΑΟΣ ΜΕΤΑΞΥ ΤΩΝ ΟΥΔΕΤΕΡΟΦΙΛΩΝ ΚΑΙ ΑΡΙΣΤΕΡΩΝ

ΚΟΙΛΑΣ ΤΩΝ ΑΜΦΟΡΕΩΝ, 7.— Παρὰ τὴν συμφωνηθεῖσαν ἀνακωχὴν συνεχίζονται αἱ μάχαι εἰς τὸ Λάος μεταξὺ τῶν δυνάμεων τῶν οὐδετερόφιλων καὶ τῶν ἀριστερῶν. Κατὰ τὰς τελευταίας πληροφορίας αἱ ἀριστεραὶ δυνάμεις κατέλαβον σημαντικὰς θέσεις εἰς τὴν κοιλάδα. Ἡ διεθνὴς ἐπιτροπὴ ἐλέγχου ἐπιχειρεῖ νὰ ἐπιτύχῃ τὴν κατάπαυσιν τοῦ πυρός, ἀλλὰ αἱ προσπάθειαί της δὲν ἔχουν μέχρι στιγμῆς ἀποδώσει.

ΝΕΦΡΟΙ ΠΙΘΗΚΟΥ ΜΕΤΕΜΟΣΧΕΥΘΗΣΑΝ ΕΠΙΤΥΧΩΣ ΚΑΤΟΠΙΝ ΛΕΠΤΟΤΑΤΗΣ ΕΓΧΕΙΡΗΣΕΩΣ ΕΙΣ ΑΣΘΕΝΗ

ΝΤΕΝΒΕΡ Κολοράντο, 7.— Ἰατροὶ τοῦ νοσοκομείου μετεμόσχευσαν ἐπιτυχῶς νεφροὺς πιθήκου εἰς ἀσθενῆ, κατόπιν λεπτοτάτης ἐγχειρήσεως.

ΑΠΕΘΑΝΕΝ ΑΣΘΕΝΗΣ

ΝΕΑ ΥΟΡΚΗ, 7.— Ἀπεβίωσεν ἀσθενὴς εἰς τὸν ὁποῖον εἶχε μεταμοσχευθῆ νεφρὸς πιθήκου.

6 ΤΥΧΟΝΤΕΣ ΔΙΠΛΩΜΑΤΟΣ ΤΟΥ ΠΟΛΥΤΕΧΝΕΙΟΥ ΠΤΥΧΙΟΥΧΟΙ ΤΩΝ ΣΧΟΛΩΝ ΤΟΥ ΕΞΩΤΕΡΙΚΟΥ

ΑΘΗΝΑΙ, 7.— Ἐκ τῆς πρυτανείας τοῦ Ἐθνικοῦ Μετσοβίου Πολυτεχνείου ἀνακοινοῦνται τὰ ὀνόματα τῶν πτυχιούχων σχολῶν τοῦ ἐξωτερικοῦ, οἱ ὁποῖοι ἔτυχον διπλώματος κατόπιν ἐξετάσεων.

ΟΙ ΔΗΜΟΤΙΚΟΙ ΥΠΑΛΛΗΛΟΙ ΚΥΜΑΙΝΟΜΕΝΩΝ ΑΠΟΔΟΧΩΝ ΕΙΣ ΤΗΝ ΕΒΔΟΜΗΝ ΜΙΣΘΟΛΟΓΙΚΗΝ ΚΛΑΣΙΝ ΤΟΥ Ι.Κ.Α.

ΑΘΗΝΑΙ, 7.— Τὸ ὑπουργεῖον Ἐργασίας ἀπεφάσισε τὴν ὑπαγωγὴν τῶν δημοτικῶν ὑπαλλήλων κυμαινομένων ἀποδοχῶν εἰς τὴν ἑβδόμην μισθολογικὴν κλάσιν τοῦ Ι.Κ.Α., γεγονὸς τὸ ὁποῖον θὰ αὐξήσῃ τὰς παροχὰς των.

ΔΙΚΑΖΕΤΑΙ ΔΕΣΜΟΦΥΛΑΞ ΤΟΥ «ΑΟΥΣΒΙΤΣ» ΩΣ ΜΕΤΑΧΩΝ ΕΙΣ ΤΗΝ ΕΞΟΝΤΩΣΙΝ ΕΒΡΑΙΩΝ

ΦΡΑΓΚΦΟΥΡΤΗ, 7.— Ἤρχισεν ἡ δίκη πρώην δεσμοφύλακος τοῦ στρατοπέδου συγκεντρώσεως τοῦ Ἄουσβιτς, ὁ ὁποῖος κατηγορεῖται ὡς μετασχὼν εἰς τὴν ἐξόντωσιν Ἑβραίων κατὰ τὸν πόλεμον.

Η ΑΜΠΑΤΕΛΙΟΥ ΕΜΑΤΑΙΩΣΕ ΤΗΝ ΑΝΑΧΩΡΗΣΙΝ ΕΛΠΙΖΟΥΣΑ ΕΙΣ ΑΠΟΛΥΣΙΝ ΤΟΥ ΣΥΖΥΓΟΥ ΤΗΣ

ΑΘΗΝΑΙ, 7.— Ἡ κ. Ἀμπατελίου ἐματαίωσε τὴν ἀναχώρησίν της, ἐλπίζουσα ὅτι ὁ σύζυγός της θὰ ἀπολυθῇ ἐντὸς τῶν προσεχῶν ἡμερῶν.

Η ΔΗΜΟΣΙΕΥΣΙΣ ΤΟΥ ΚΑΝΟΝΙΣΜΟΥ ΠΡΟΣΩΠΙΚΟΥ Δ.Ε.Η.

ΑΘΗΝΑΙ, 7.— Ὁ ὑπουργὸς Βιομηχανίας ὑπέγραψε τὸν νέον κανονισμὸν προσωπικοῦ τῆς Δ.Ε.Η., ὁ ὁποῖος θὰ δημοσιευθῇ εἰς τὴν Ἐφημερίδα τῆς Κυβερνήσεως.
